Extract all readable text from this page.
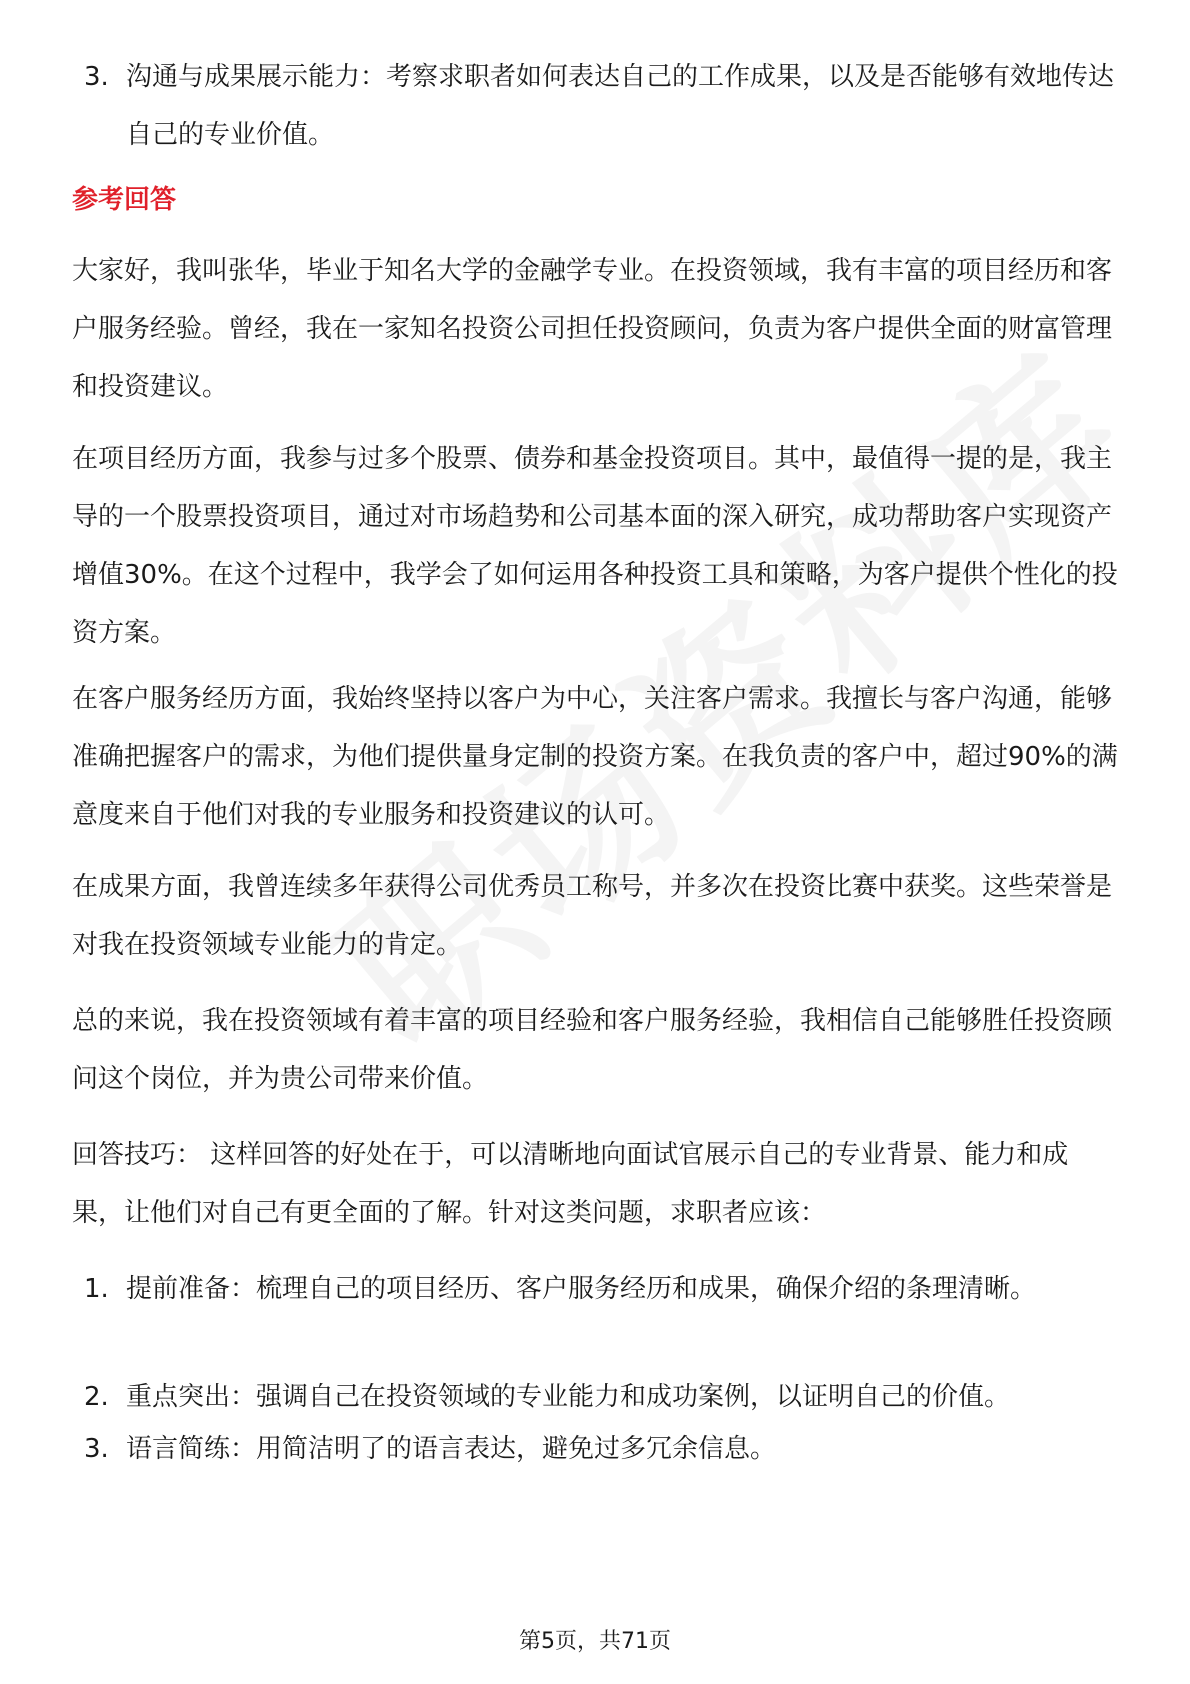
3. 沟通与成果展示能力：考察求职者如何表达自己的工作成果，以及是否能够有效地传达自己的专业价值。
参考回答

大家好，我叫张华，毕业于知名大学的金融学专业。在投资领域，我有丰富的项目经历和客户服务经验。曾经，我在一家知名投资公司担任投资顾问，负责为客户提供全面的财富管理和投资建议。

在项目经历方面，我参与过多个股票、债券和基金投资项目。其中，最值得一提的是，我主导的一个股票投资项目，通过对市场趋势和公司基本面的深入研究，成功帮助客户实现资产增值30%。在这个过程中，我学会了如何运用各种投资工具和策略，为客户提供个性化的投资方案。

在客户服务经历方面，我始终坚持以客户为中心，关注客户需求。我擅长与客户沟通，能够准确把握客户的需求，为他们提供量身定制的投资方案。在我负责的客户中，超过90%的满意度来自于他们对我的专业服务和投资建议的认可。

在成果方面，我曾连续多年获得公司优秀员工称号，并多次在投资比赛中获奖。这些荣誉是对我在投资领域专业能力的肯定。

总的来说，我在投资领域有着丰富的项目经验和客户服务经验，我相信自己能够胜任投资顾问这个岗位，并为贵公司带来价值。

回答技巧： 这样回答的好处在于，可以清晰地向面试官展示自己的专业背景、能力和成果，让他们对自己有更全面的了解。针对这类问题，求职者应该：

1. 提前准备：梳理自己的项目经历、客户服务经历和成果，确保介绍的条理清晰。
2. 重点突出：强调自己在投资领域的专业能力和成功案例，以证明自己的价值。
3. 语言简练：用简洁明了的语言表达，避免过多冗余信息。
第5页，共71页
